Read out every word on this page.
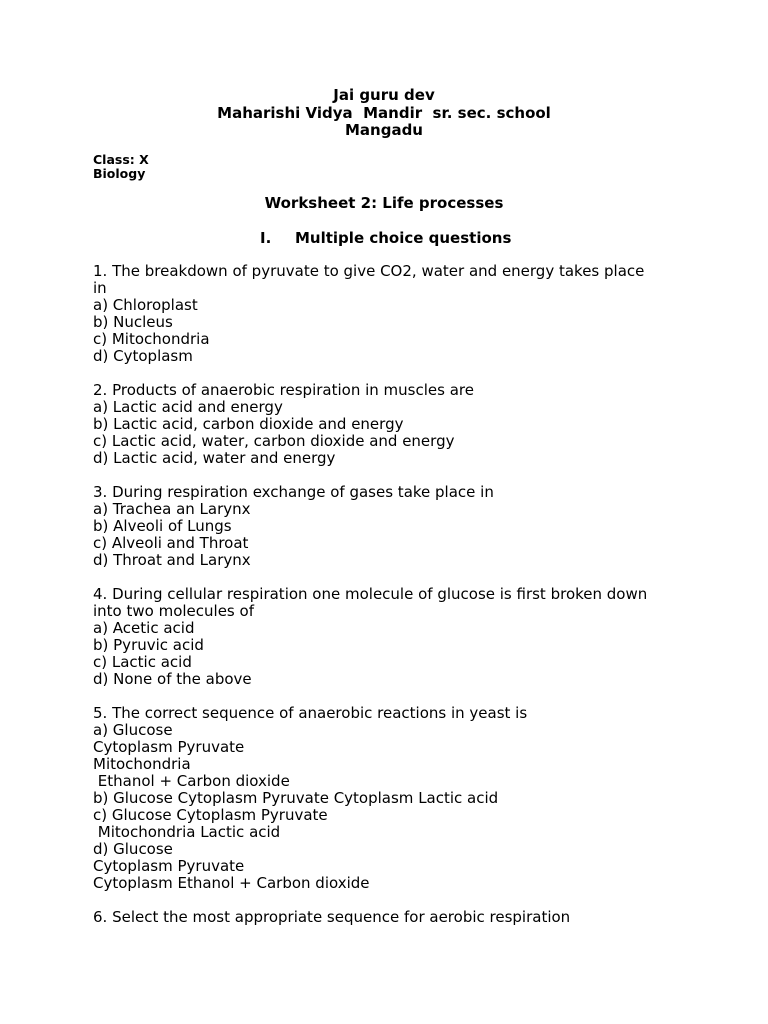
Jai guru dev
Maharishi Vidya  Mandir  sr. sec. school
Mangadu
Class: X
Biology
Worksheet 2: Life processes
I. Multiple choice questions
1. The breakdown of pyruvate to give CO2, water and energy takes place
in
a) Chloroplast
b) Nucleus
c) Mitochondria
d) Cytoplasm
2. Products of anaerobic respiration in muscles are
a) Lactic acid and energy
b) Lactic acid, carbon dioxide and energy
c) Lactic acid, water, carbon dioxide and energy
d) Lactic acid, water and energy
3. During respiration exchange of gases take place in
a) Trachea an Larynx
b) Alveoli of Lungs
c) Alveoli and Throat
d) Throat and Larynx
4. During cellular respiration one molecule of glucose is first broken down
into two molecules of
a) Acetic acid
b) Pyruvic acid
c) Lactic acid
d) None of the above
5. The correct sequence of anaerobic reactions in yeast is
a) Glucose
Cytoplasm Pyruvate
Mitochondria
Ethanol + Carbon dioxide
b) Glucose Cytoplasm Pyruvate Cytoplasm Lactic acid
c) Glucose Cytoplasm Pyruvate
Mitochondria Lactic acid
d) Glucose
Cytoplasm Pyruvate
Cytoplasm Ethanol + Carbon dioxide
6. Select the most appropriate sequence for aerobic respiration
